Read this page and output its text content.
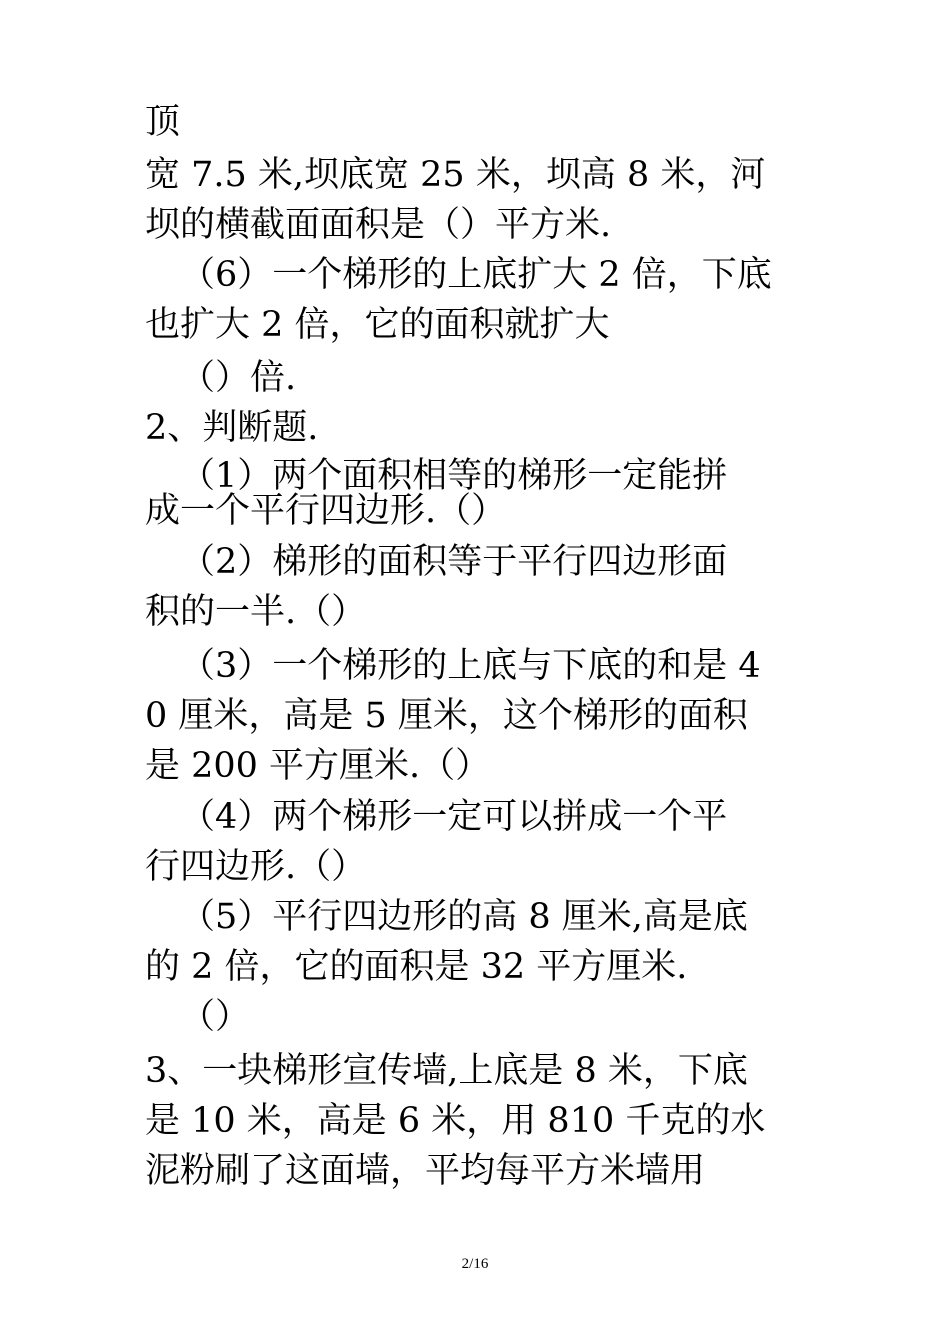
顶
宽 7.5 米,坝底宽 25 米，坝高 8 米，河
坝的横截面面积是（）平方米.
（6）一个梯形的上底扩大 2 倍，下底
也扩大 2 倍，它的面积就扩大
（）倍.
2、判断题.
（1）两个面积相等的梯形一定能拼
成一个平行四边形.（）
（2）梯形的面积等于平行四边形面
积的一半.（）
（3）一个梯形的上底与下底的和是 4
0 厘米，高是 5 厘米，这个梯形的面积
是 200 平方厘米.（）
（4）两个梯形一定可以拼成一个平
行四边形.（）
（5）平行四边形的高 8 厘米,高是底
的 2 倍，它的面积是 32 平方厘米.
（）
3、一块梯形宣传墙,上底是 8 米，下底
是 10 米，高是 6 米，用 810 千克的水
泥粉刷了这面墙，平均每平方米墙用
2/16
